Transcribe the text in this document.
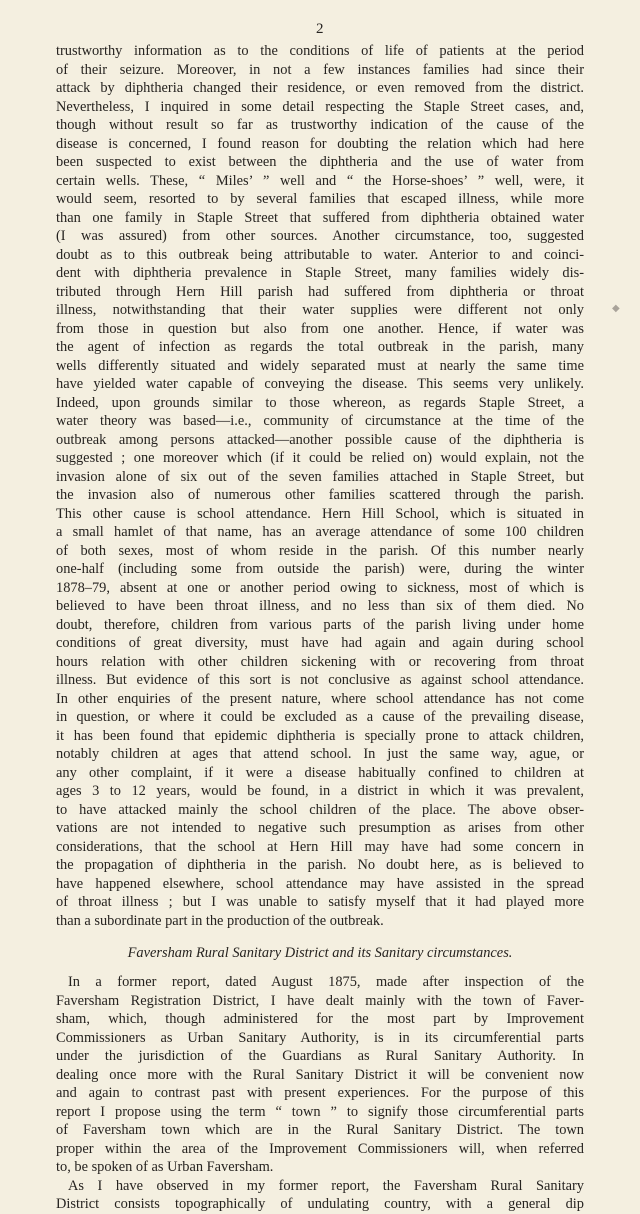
2
trustworthy information as to the conditions of life of patients at the period
of their seizure. Moreover, in not a few instances families had since their
attack by diphtheria changed their residence, or even removed from the district.
Nevertheless, I inquired in some detail respecting the Staple Street cases, and,
though without result so far as trustworthy indication of the cause of the
disease is concerned, I found reason for doubting the relation which had here
been suspected to exist between the diphtheria and the use of water from
certain wells. These, “ Miles’ ” well and “ the Horse-shoes’ ” well, were, it
would seem, resorted to by several families that escaped illness, while more
than one family in Staple Street that suffered from diphtheria obtained water
(I was assured) from other sources. Another circumstance, too, suggested
doubt as to this outbreak being attributable to water. Anterior to and coinci-
dent with diphtheria prevalence in Staple Street, many families widely dis-
tributed through Hern Hill parish had suffered from diphtheria or throat
illness, notwithstanding that their water supplies were different not only
from those in question but also from one another. Hence, if water was
the agent of infection as regards the total outbreak in the parish, many
wells differently situated and widely separated must at nearly the same time
have yielded water capable of conveying the disease. This seems very unlikely.
Indeed, upon grounds similar to those whereon, as regards Staple Street, a
water theory was based—i.e., community of circumstance at the time of the
outbreak among persons attacked—another possible cause of the diphtheria is
suggested ; one moreover which (if it could be relied on) would explain, not the
invasion alone of six out of the seven families attached in Staple Street, but
the invasion also of numerous other families scattered through the parish.
This other cause is school attendance. Hern Hill School, which is situated in
a small hamlet of that name, has an average attendance of some 100 children
of both sexes, most of whom reside in the parish. Of this number nearly
one-half (including some from outside the parish) were, during the winter
1878–79, absent at one or another period owing to sickness, most of which is
believed to have been throat illness, and no less than six of them died. No
doubt, therefore, children from various parts of the parish living under home
conditions of great diversity, must have had again and again during school
hours relation with other children sickening with or recovering from throat
illness. But evidence of this sort is not conclusive as against school attendance.
In other enquiries of the present nature, where school attendance has not come
in question, or where it could be excluded as a cause of the prevailing disease,
it has been found that epidemic diphtheria is specially prone to attack children,
notably children at ages that attend school. In just the same way, ague, or
any other complaint, if it were a disease habitually confined to children at
ages 3 to 12 years, would be found, in a district in which it was prevalent,
to have attacked mainly the school children of the place. The above obser-
vations are not intended to negative such presumption as arises from other
considerations, that the school at Hern Hill may have had some concern in
the propagation of diphtheria in the parish. No doubt here, as is believed to
have happened elsewhere, school attendance may have assisted in the spread
of throat illness ; but I was unable to satisfy myself that it had played more
than a subordinate part in the production of the outbreak.
Faversham Rural Sanitary District and its Sanitary circumstances.
In a former report, dated August 1875, made after inspection of the
Faversham Registration District, I have dealt mainly with the town of Faver-
sham, which, though administered for the most part by Improvement
Commissioners as Urban Sanitary Authority, is in its circumferential parts
under the jurisdiction of the Guardians as Rural Sanitary Authority. In
dealing once more with the Rural Sanitary District it will be convenient now
and again to contrast past with present experiences. For the purpose of this
report I propose using the term “ town ” to signify those circumferential parts
of Faversham town which are in the Rural Sanitary District. The town
proper within the area of the Improvement Commissioners will, when referred
to, be spoken of as Urban Faversham.
As I have observed in my former report, the Faversham Rural Sanitary
District consists topographically of undulating country, with a general dip
◆
